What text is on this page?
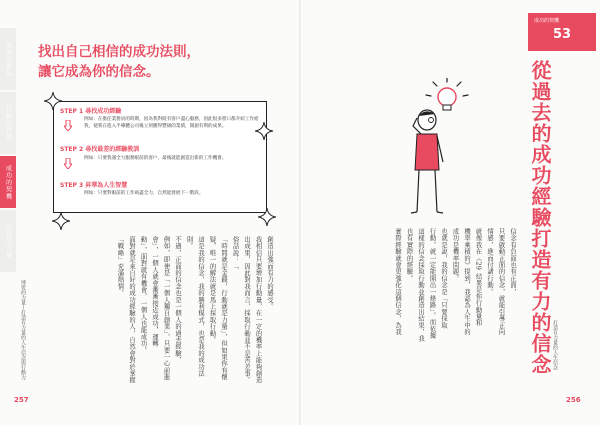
出發的勇氣
行動的智慧
成功的契機
堅持的力量
找出自己相信的成功法則，
讓它成為你的信念。
STEP 1 尋找成功經驗
例如：在擔任業務員的時期，因為我對既有客戶盡心服務，因此很多窗口都介紹工作給我，使我在進入半導體公司後立刻獲得豐碩的業績，開創有利的成果。
STEP 2 尋找最差的經驗教訓
例如：只要我遇全力服務眼前的客戶，最後就能創造出新的工作機會。
STEP 3 昇華為人生智慧
例如：只要對眼前的工作竭盡全力，自然能發展下一階段。
創造出強而有力的感受。
我相信只要增加行動量，在一定的機率上能夠創造出成果，因此對我而言，採取行動並不是苦差事。俗話說：「
「時間就是金錢，行動就是力量」，但如果你有懷疑，唯一的解法就是馬上採取行動。
這是我的信念，我的勝利模式，也是我的成功法則。
不過，正面的信念也是一個人的過去經驗，
例如，即使是「一個人獨自創業」，只要一心前進
會」，一個人就會漸漸接近成功，運轉
動」，面對就有機會，一個人也能成功。
面對就是來自好的成功經驗的人，自然會對於掌握「戰略」充滿熱情。
博愛的力量—打造有力量的人生信念與行動力
257
信念有負面也有正面，
只要啟動正面的信念，就能引導正向
情感，進而付諸行動。
就像我在《29 結果是你行動量和
機率乘積的》提到，我認為人生中的
成功是機率問題。
也就是說，我的信念是「只要採取
行動，就一定能開出一條路」。而依據
這樣的信念採取行動並創造出結果，我
也有實際的經驗。
實際經驗就會更強化這個信念，為我
成功的契機
53
從過去的成功經驗打造有力的信念 打造有力量的人生信念
256
